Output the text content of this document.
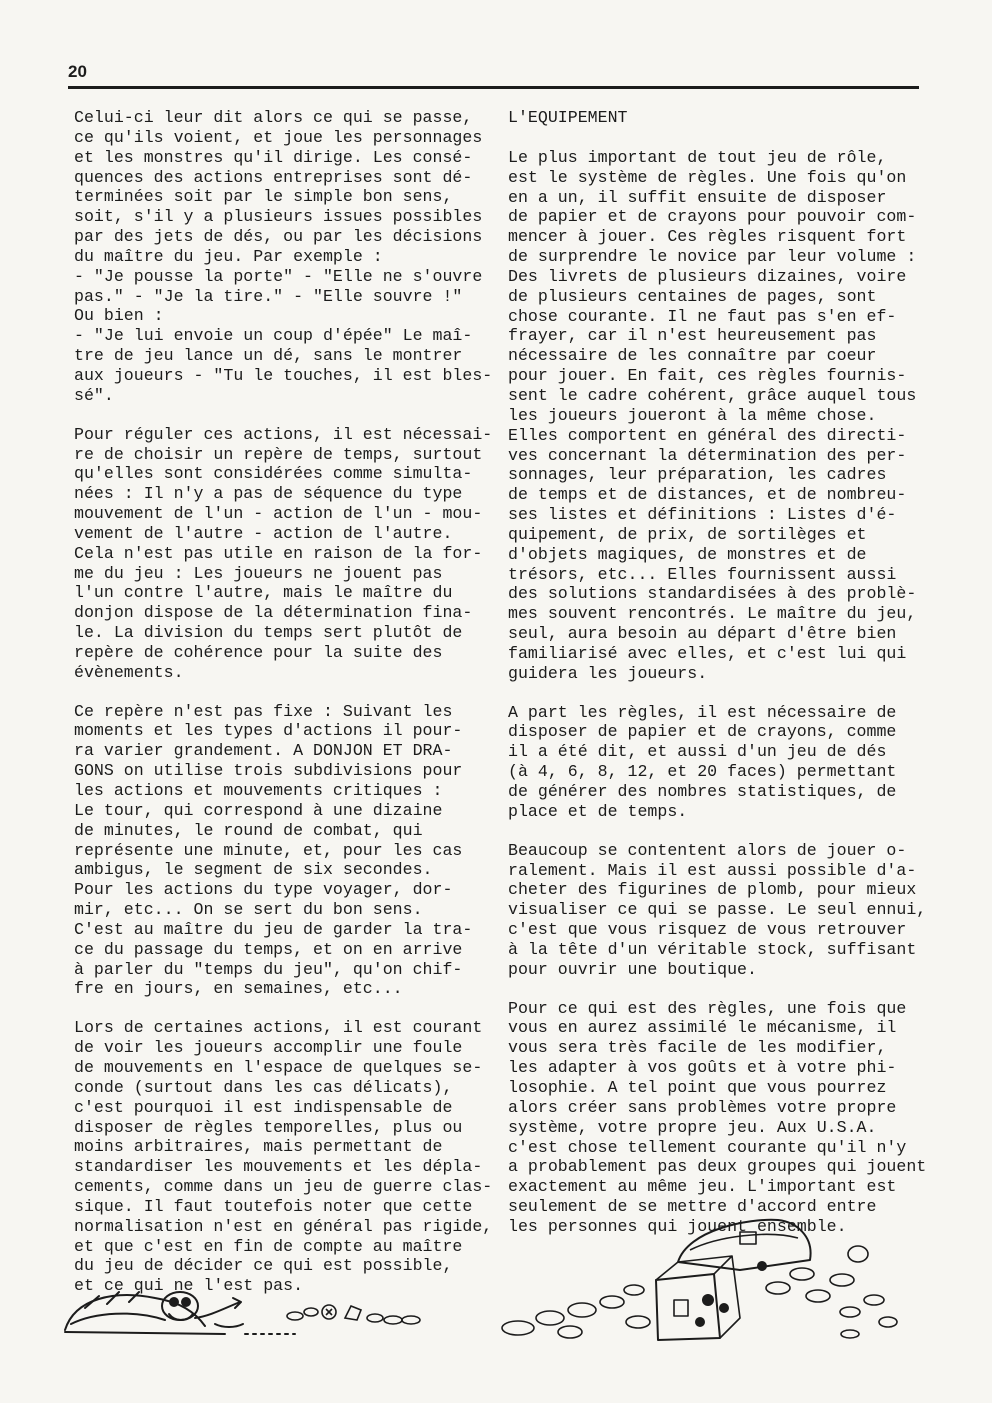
20

Celui-ci leur dit alors ce qui se passe,
ce qu'ils voient, et joue les personnages
et les monstres qu'il dirige. Les consé-
quences des actions entreprises sont dé-
terminées soit par le simple bon sens,
soit, s'il y a plusieurs issues possibles
par des jets de dés, ou par les décisions
du maître du jeu. Par exemple :
- "Je pousse la porte" - "Elle ne s'ouvre
pas." - "Je la tire." - "Elle souvre !"
Ou bien :
- "Je lui envoie un coup d'épée" Le maî-
tre de jeu lance un dé, sans le montrer
aux joueurs - "Tu le touches, il est bles-
sé".

Pour réguler ces actions, il est nécessai-
re de choisir un repère de temps, surtout
qu'elles sont considérées comme simulta-
nées : Il n'y a pas de séquence du type
mouvement de l'un - action de l'un - mou-
vement de l'autre - action de l'autre.
Cela n'est pas utile en raison de la for-
me du jeu : Les joueurs ne jouent pas
l'un contre l'autre, mais le maître du
donjon dispose de la détermination fina-
le. La division du temps sert plutôt de
repère de cohérence pour la suite des
évènements.

Ce repère n'est pas fixe : Suivant les
moments et les types d'actions il pour-
ra varier grandement. A DONJON ET DRA-
GONS on utilise trois subdivisions pour
les actions et mouvements critiques :
Le tour, qui correspond à une dizaine
de minutes, le round de combat, qui
représente une minute, et, pour les cas
ambigus, le segment de six secondes.
Pour les actions du type voyager, dor-
mir, etc... On se sert du bon sens.
C'est au maître du jeu de garder la tra-
ce du passage du temps, et on en arrive
à parler du "temps du jeu", qu'on chif-
fre en jours, en semaines, etc...

Lors de certaines actions, il est courant
de voir les joueurs accomplir une foule
de mouvements en l'espace de quelques se-
conde (surtout dans les cas délicats),
c'est pourquoi il est indispensable de
disposer de règles temporelles, plus ou
moins arbitraires, mais permettant de
standardiser les mouvements et les dépla-
cements, comme dans un jeu de guerre clas-
sique. Il faut toutefois noter que cette
normalisation n'est en général pas rigide,
et que c'est en fin de compte au maître
du jeu de décider ce qui est possible,
et ce qui ne l'est pas.

L'EQUIPEMENT

Le plus important de tout jeu de rôle,
est le système de règles. Une fois qu'on
en a un, il suffit ensuite de disposer
de papier et de crayons pour pouvoir com-
mencer à jouer. Ces règles risquent fort
de surprendre le novice par leur volume :
Des livrets de plusieurs dizaines, voire
de plusieurs centaines de pages, sont
chose courante. Il ne faut pas s'en ef-
frayer, car il n'est heureusement pas
nécessaire de les connaître par coeur
pour jouer. En fait, ces règles fournis-
sent le cadre cohérent, grâce auquel tous
les joueurs joueront à la même chose.
Elles comportent en général des directi-
ves concernant la détermination des per-
sonnages, leur préparation, les cadres
de temps et de distances, et de nombreu-
ses listes et définitions : Listes d'é-
quipement, de prix, de sortilèges et
d'objets magiques, de monstres et de
trésors, etc... Elles fournissent aussi
des solutions standardisées à des problè-
mes souvent rencontrés. Le maître du jeu,
seul, aura besoin au départ d'être bien
familiarisé avec elles, et c'est lui qui
guidera les joueurs.

A part les règles, il est nécessaire de
disposer de papier et de crayons, comme
il a été dit, et aussi d'un jeu de dés
(à 4, 6, 8, 12, et 20 faces) permettant
de générer des nombres statistiques, de
place et de temps.

Beaucoup se contentent alors de jouer o-
ralement. Mais il est aussi possible d'a-
cheter des figurines de plomb, pour mieux
visualiser ce qui se passe. Le seul ennui,
c'est que vous risquez de vous retrouver
à la tête d'un véritable stock, suffisant
pour ouvrir une boutique.

Pour ce qui est des règles, une fois que
vous en aurez assimilé le mécanisme, il
vous sera très facile de les modifier,
les adapter à vos goûts et à votre phi-
losophie. A tel point que vous pourrez
alors créer sans problèmes votre propre
système, votre propre jeu. Aux U.S.A.
c'est chose tellement courante qu'il n'y
a probablement pas deux groupes qui jouent
exactement au même jeu. L'important est
seulement de se mettre d'accord entre
les personnes qui jouent ensemble.
